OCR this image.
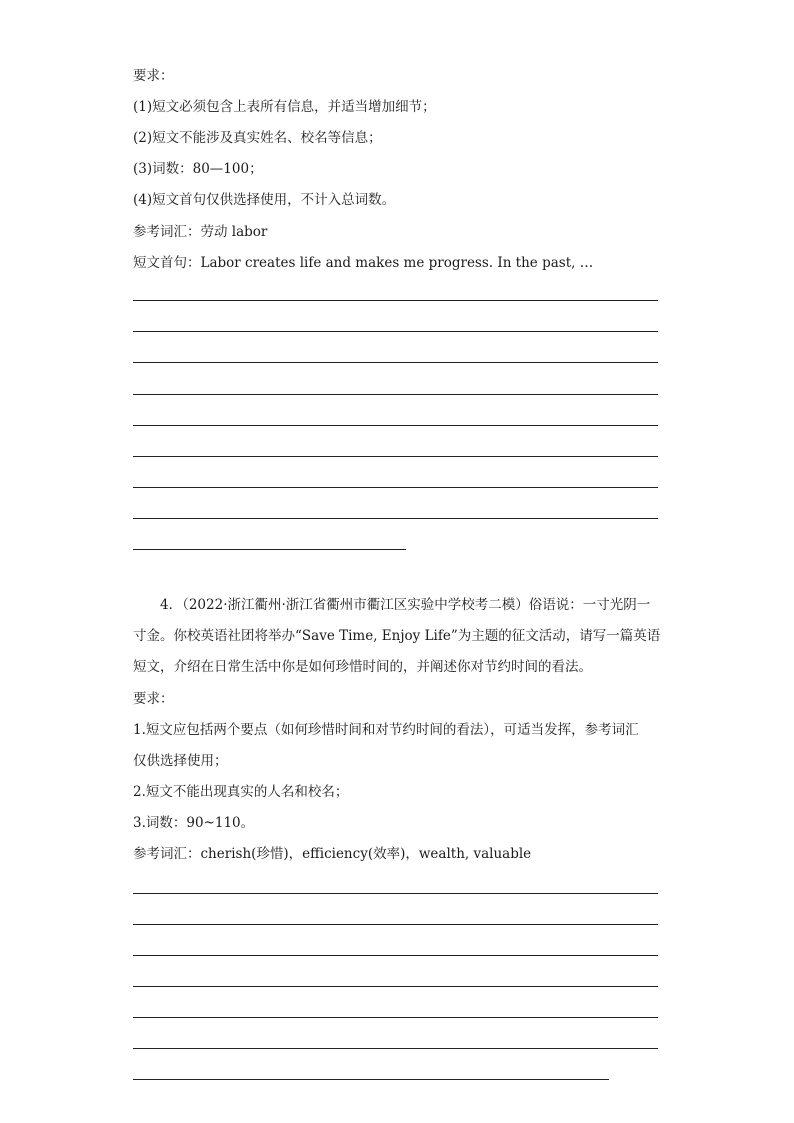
要求：
(1)短文必须包含上表所有信息，并适当增加细节；
(2)短文不能涉及真实姓名、校名等信息；
(3)词数：80—100；
(4)短文首句仅供选择使用，不计入总词数。
参考词汇：劳动 labor
短文首句：Labor creates life and makes me progress. In the past, …
4．（2022·浙江衢州·浙江省衢州市衢江区实验中学校考二模）俗语说：一寸光阴一
寸金。你校英语社团将举办“Save Time, Enjoy Life”为主题的征文活动，请写一篇英语
短文，介绍在日常生活中你是如何珍惜时间的，并阐述你对节约时间的看法。
要求：
1.短文应包括两个要点（如何珍惜时间和对节约时间的看法），可适当发挥，参考词汇
仅供选择使用；
2.短文不能出现真实的人名和校名；
3.词数：90~110。
参考词汇：cherish(珍惜)，efficiency(效率)，wealth, valuable
